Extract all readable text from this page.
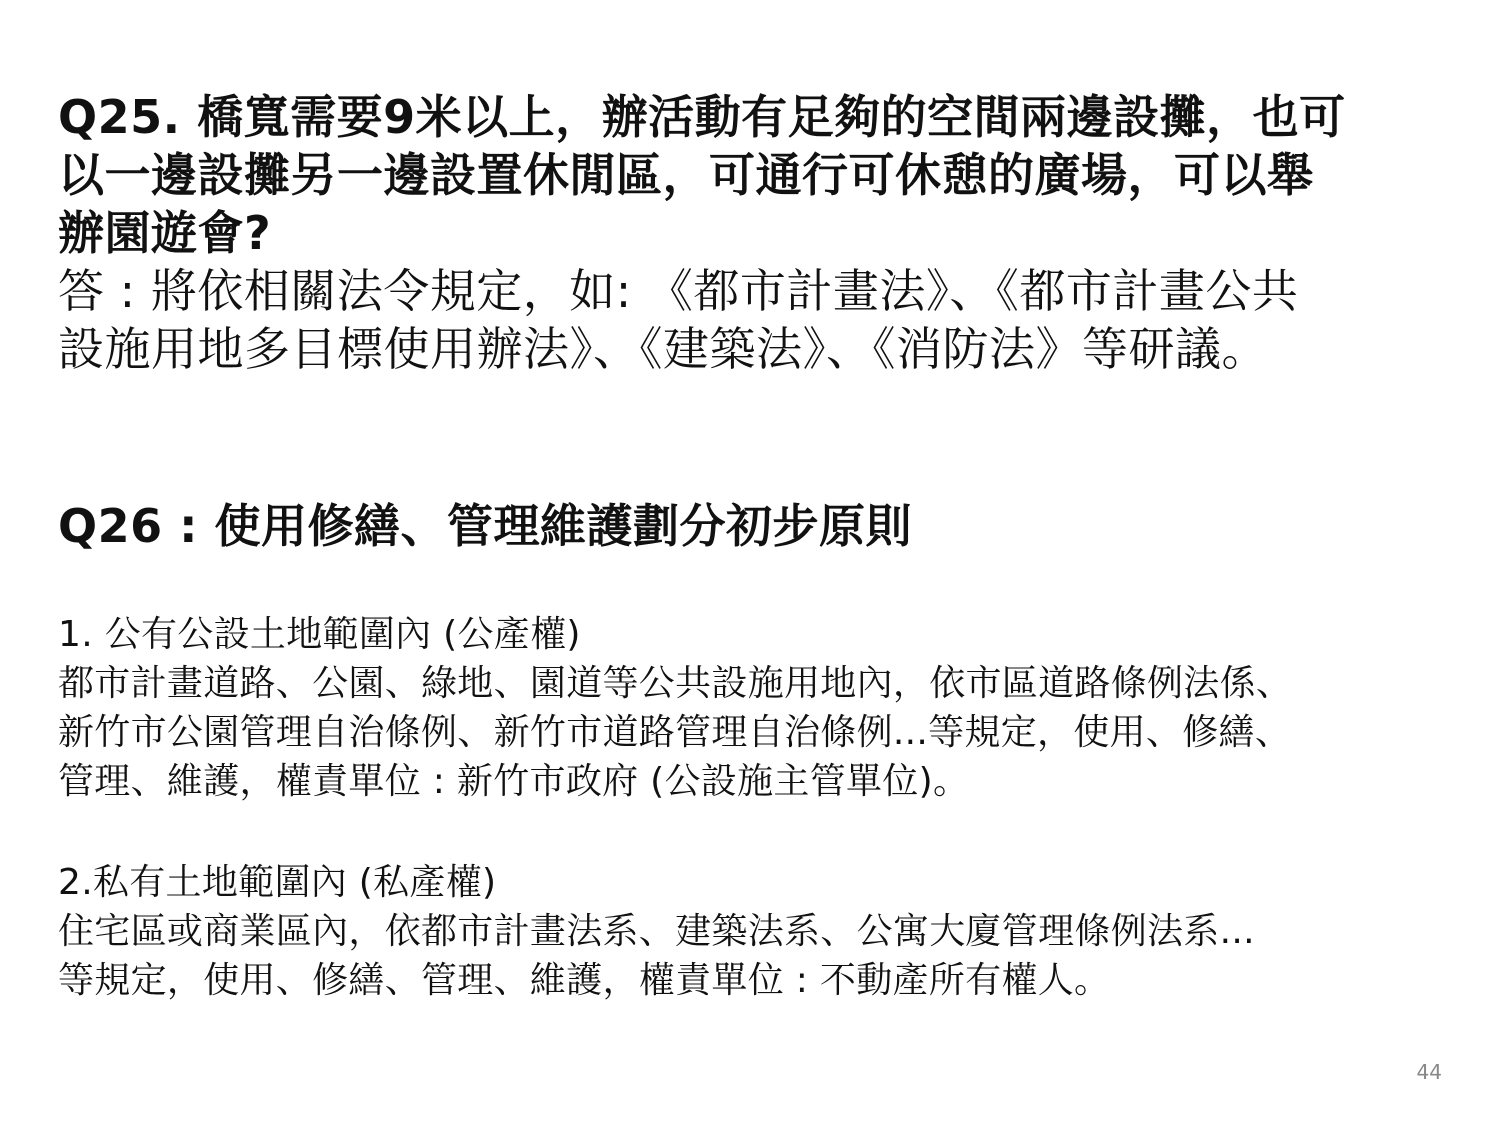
Q25. 橋寬需要9米以上，辦活動有足夠的空間兩邊設攤，也可
以一邊設攤另一邊設置休閒區，可通行可休憩的廣場，可以舉
辦園遊會?
答 : 將依相關法令規定，如: 《都市計畫法》、《都市計畫公共
設施用地多目標使用辦法》、《建築法》、《消防法》等研議。
Q26 : 使用修繕、管理維護劃分初步原則
1. 公有公設土地範圍內 (公產權)
都市計畫道路、公園、綠地、園道等公共設施用地內，依市區道路條例法係、
新竹市公園管理自治條例、新竹市道路管理自治條例...等規定，使用、修繕、
管理、維護，權責單位 : 新竹市政府 (公設施主管單位)。
2.私有土地範圍內 (私產權)
住宅區或商業區內，依都市計畫法系、建築法系、公寓大廈管理條例法系...
等規定，使用、修繕、管理、維護，權責單位 : 不動產所有權人。
44
